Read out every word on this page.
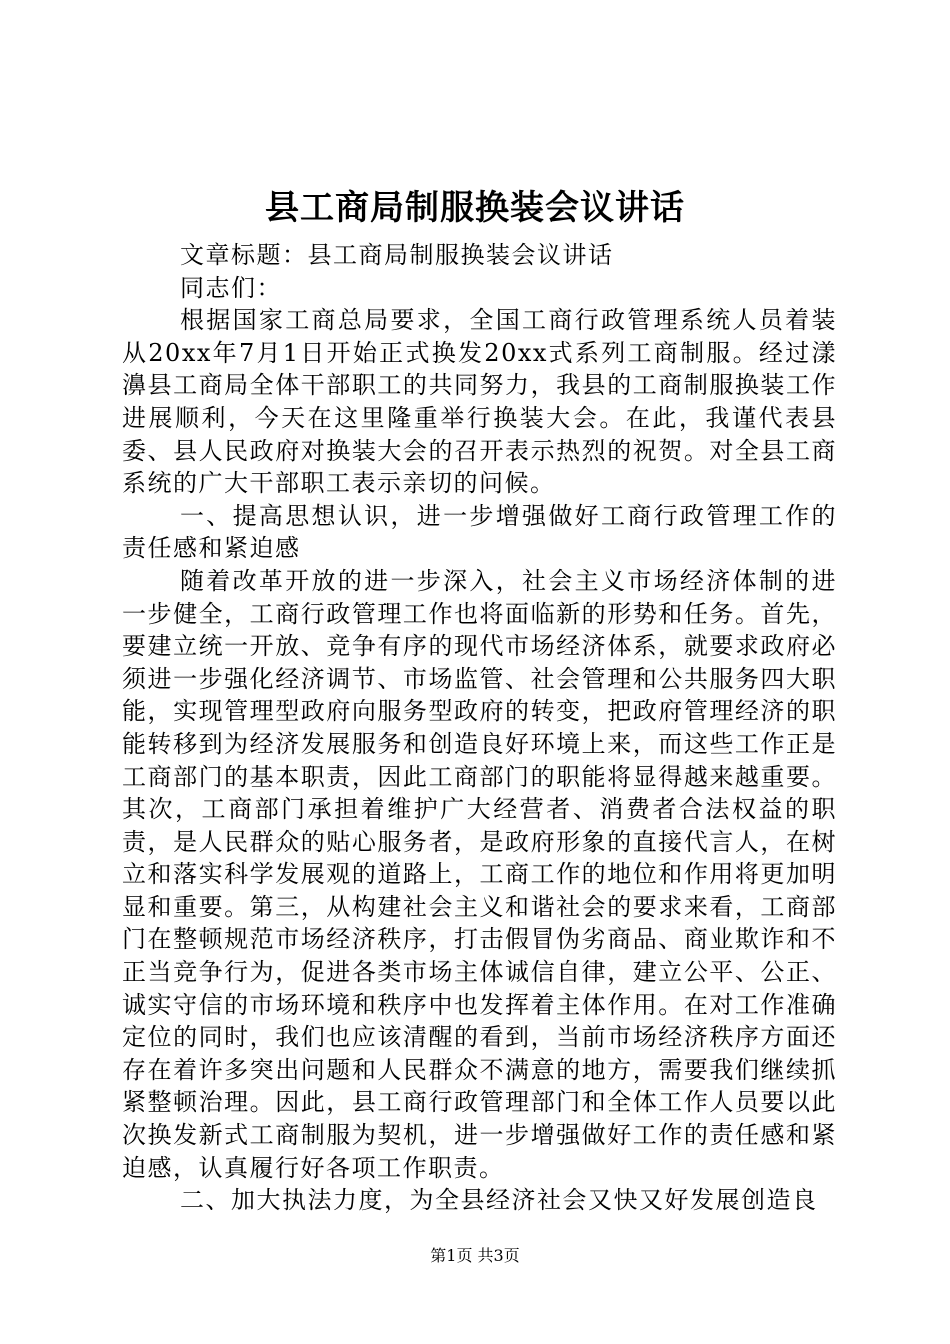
县工商局制服换装会议讲话

文章标题：县工商局制服换装会议讲话

同志们：

根据国家工商总局要求，全国工商行政管理系统人员着装从20xx年7月1日开始正式换发20xx式系列工商制服。经过漾濞县工商局全体干部职工的共同努力，我县的工商制服换装工作进展顺利，今天在这里隆重举行换装大会。在此，我谨代表县委、县人民政府对换装大会的召开表示热烈的祝贺。对全县工商系统的广大干部职工表示亲切的问候。

一、提高思想认识，进一步增强做好工商行政管理工作的责任感和紧迫感

随着改革开放的进一步深入，社会主义市场经济体制的进一步健全，工商行政管理工作也将面临新的形势和任务。首先，要建立统一开放、竞争有序的现代市场经济体系，就要求政府必须进一步强化经济调节、市场监管、社会管理和公共服务四大职能，实现管理型政府向服务型政府的转变，把政府管理经济的职能转移到为经济发展服务和创造良好环境上来，而这些工作正是工商部门的基本职责，因此工商部门的职能将显得越来越重要。其次，工商部门承担着维护广大经营者、消费者合法权益的职责，是人民群众的贴心服务者，是政府形象的直接代言人，在树立和落实科学发展观的道路上，工商工作的地位和作用将更加明显和重要。第三，从构建社会主义和谐社会的要求来看，工商部门在整顿规范市场经济秩序，打击假冒伪劣商品、商业欺诈和不正当竞争行为，促进各类市场主体诚信自律，建立公平、公正、诚实守信的市场环境和秩序中也发挥着主体作用。在对工作准确定位的同时，我们也应该清醒的看到，当前市场经济秩序方面还存在着许多突出问题和人民群众不满意的地方，需要我们继续抓紧整顿治理。因此，县工商行政管理部门和全体工作人员要以此次换发新式工商制服为契机，进一步增强做好工作的责任感和紧迫感，认真履行好各项工作职责。

二、加大执法力度，为全县经济社会又快又好发展创造良

第1页 共3页
